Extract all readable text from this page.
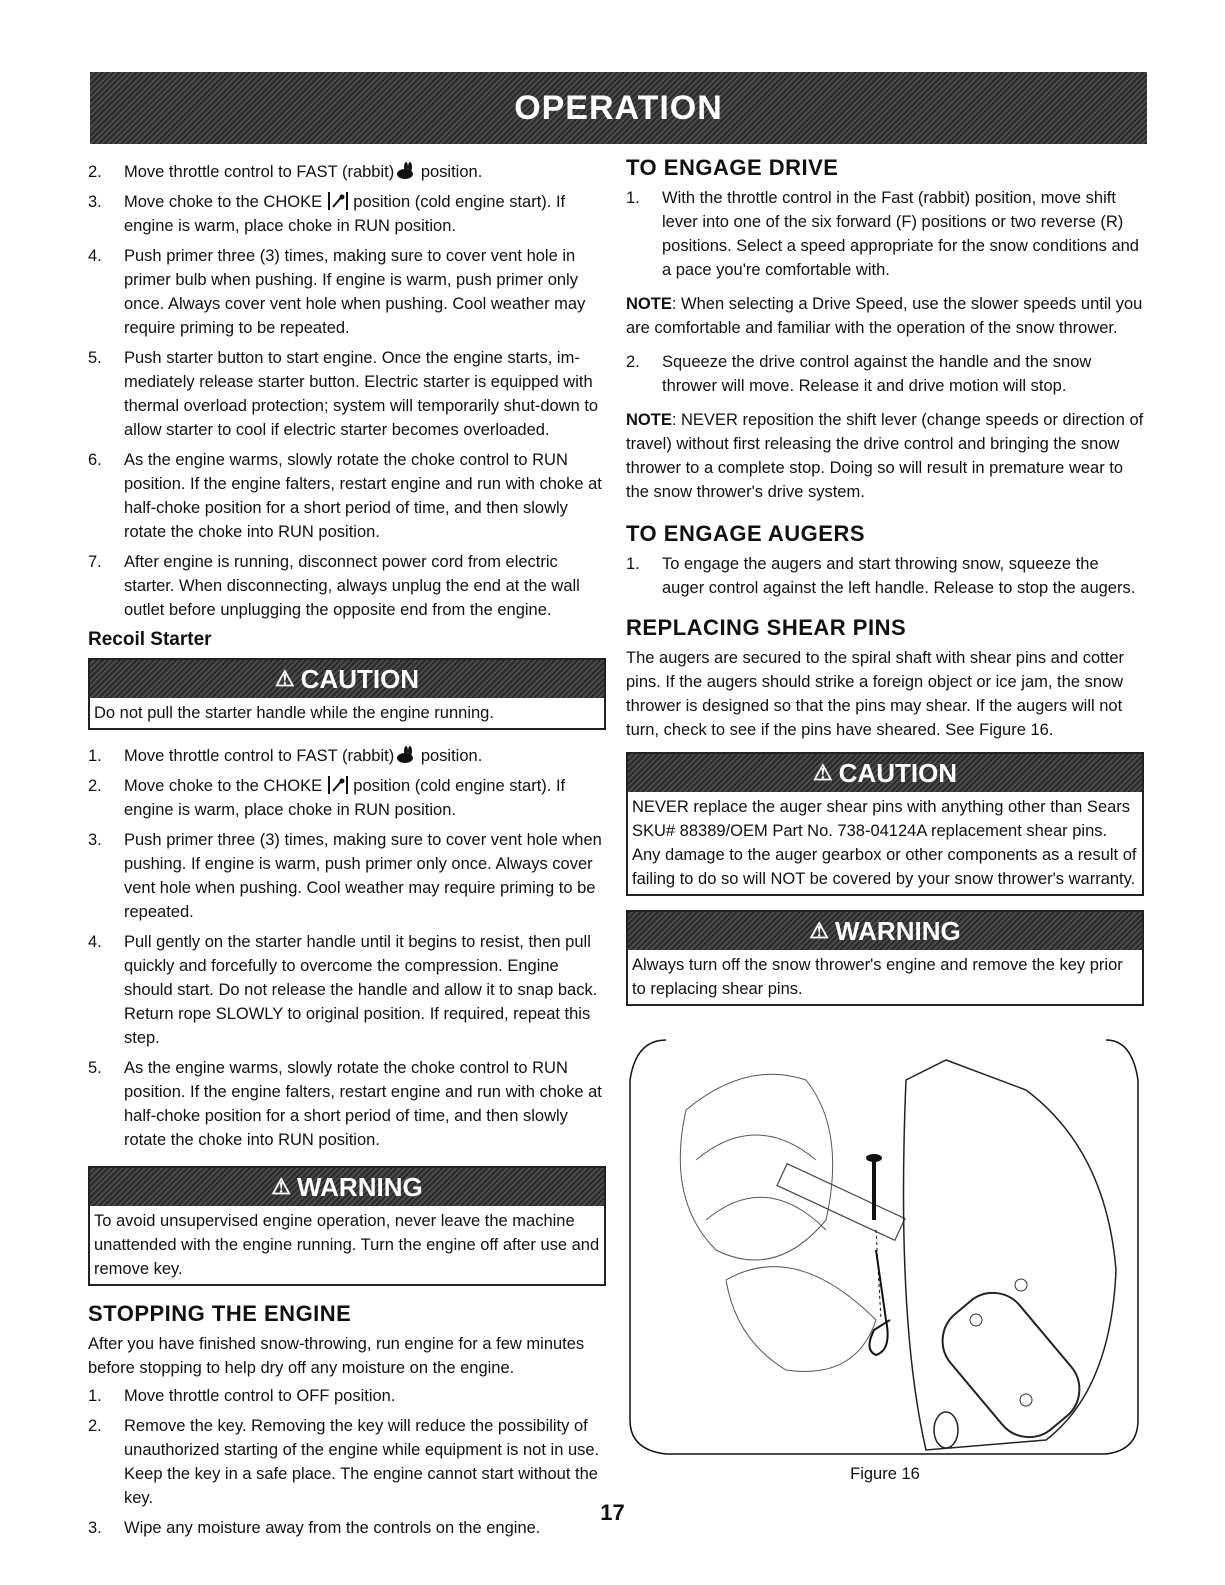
OPERATION
2. Move throttle control to FAST (rabbit) position.
3. Move choke to the CHOKE  position (cold engine start). If engine is warm, place choke in RUN position.
4. Push primer three (3) times, making sure to cover vent hole in primer bulb when pushing. If engine is warm, push primer only once. Always cover vent hole when pushing. Cool weather may require priming to be repeated.
5. Push starter button to start engine. Once the engine starts, im-mediately release starter button. Electric starter is equipped with thermal overload protection; system will temporarily shut-down to allow starter to cool if electric starter becomes overloaded.
6. As the engine warms, slowly rotate the choke control to RUN position. If the engine falters, restart engine and run with choke at half-choke position for a short period of time, and then slowly rotate the choke into RUN position.
7. After engine is running, disconnect power cord from electric starter. When disconnecting, always unplug the end at the wall outlet before unplugging the opposite end from the engine.
Recoil Starter
⚠ CAUTION
Do not pull the starter handle while the engine running.
1. Move throttle control to FAST (rabbit) position.
2. Move choke to the CHOKE  position (cold engine start). If engine is warm, place choke in RUN position.
3. Push primer three (3) times, making sure to cover vent hole when pushing. If engine is warm, push primer only once. Always cover vent hole when pushing. Cool weather may require priming to be repeated.
4. Pull gently on the starter handle until it begins to resist, then pull quickly and forcefully to overcome the compression. Engine should start. Do not release the handle and allow it to snap back. Return rope SLOWLY to original position. If required, repeat this step.
5. As the engine warms, slowly rotate the choke control to RUN position. If the engine falters, restart engine and run with choke at half-choke position for a short period of time, and then slowly rotate the choke into RUN position.
⚠ WARNING
To avoid unsupervised engine operation, never leave the machine unattended with the engine running. Turn the engine off after use and remove key.
STOPPING THE ENGINE

After you have finished snow-throwing, run engine for a few minutes before stopping to help dry off any moisture on the engine.

1. Move throttle control to OFF position.
2. Remove the key. Removing the key will reduce the possibility of unauthorized starting of the engine while equipment is not in use. Keep the key in a safe place. The engine cannot start without the key.
3. Wipe any moisture away from the controls on the engine.
TO ENGAGE DRIVE
1. With the throttle control in the Fast (rabbit) position, move shift lever into one of the six forward (F) positions or two reverse (R) positions. Select a speed appropriate for the snow conditions and a pace you're comfortable with.

NOTE: When selecting a Drive Speed, use the slower speeds until you are comfortable and familiar with the operation of the snow thrower.

2. Squeeze the drive control against the handle and the snow thrower will move. Release it and drive motion will stop.

NOTE: NEVER reposition the shift lever (change speeds or direction of travel) without first releasing the drive control and bringing the snow thrower to a complete stop. Doing so will result in premature wear to the snow thrower's drive system.

TO ENGAGE AUGERS
1. To engage the augers and start throwing snow, squeeze the auger control against the left handle. Release to stop the augers.
REPLACING SHEAR PINS

The augers are secured to the spiral shaft with shear pins and cotter pins. If the augers should strike a foreign object or ice jam, the snow thrower is designed so that the pins may shear. If the augers will not turn, check to see if the pins have sheared. See Figure 16.

⚠ CAUTION
NEVER replace the auger shear pins with anything other than Sears SKU# 88389/OEM Part No. 738-04124A replacement shear pins. Any damage to the auger gearbox or other components as a result of failing to do so will NOT be covered by your snow thrower's warranty.
⚠ WARNING
Always turn off the snow thrower's engine and remove the key prior to replacing shear pins.
Figure 16
17
